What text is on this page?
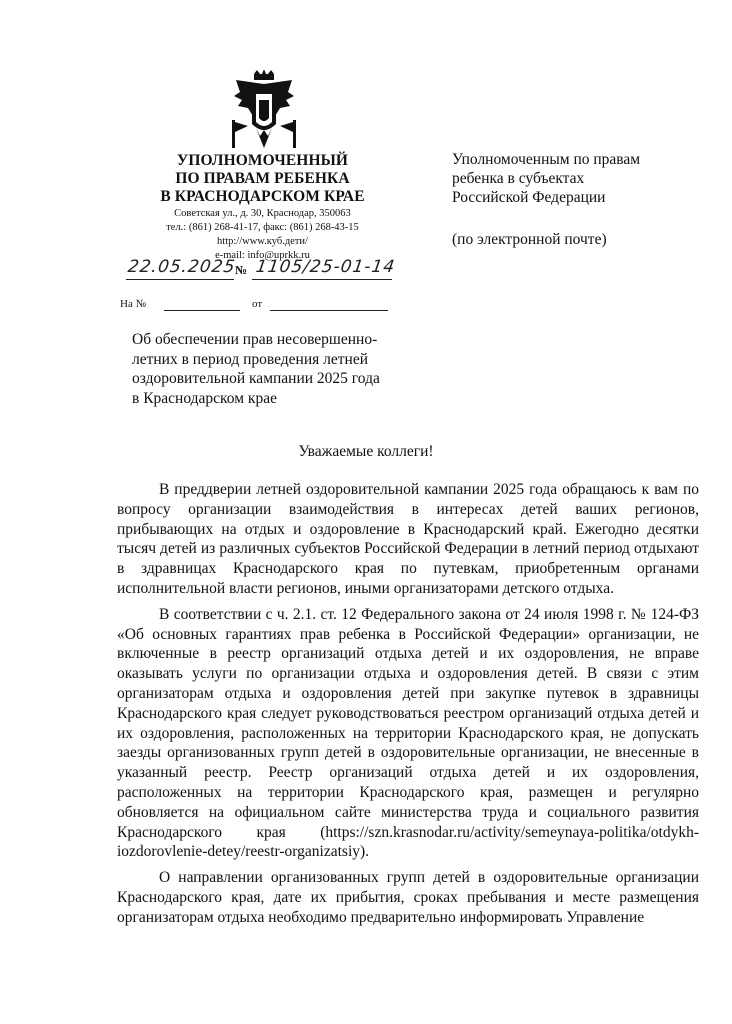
УПОЛНОМОЧЕННЫЙ
ПО ПРАВАМ РЕБЕНКА
В КРАСНОДАРСКОМ КРАЕ
Советская ул., д. 30, Краснодар, 350063
тел.: (861) 268-41-17, факс: (861) 268-43-15
http://www.куб.дети/
e-mail: info@uprkk.ru
22.05.2025
№ 1105/25-01-14
На №	от
Уполномоченным по правам
ребенка в субъектах
Российской Федерации
(по электронной почте)
Об обеспечении прав несовершенно-
летних в период проведения летней
оздоровительной кампании 2025 года
в Краснодарском крае
Уважаемые коллеги!

В преддверии летней оздоровительной кампании 2025 года обращаюсь к вам по вопросу организации взаимодействия в интересах детей ваших регионов, прибывающих на отдых и оздоровление в Краснодарский край. Ежегодно десятки тысяч детей из различных субъектов Российской Федерации в летний период отдыхают в здравницах Краснодарского края по путевкам, приобретенным органами исполнительной власти регионов, иными организаторами детского отдыха.

В соответствии с ч. 2.1. ст. 12 Федерального закона от 24 июля 1998 г. № 124-ФЗ «Об основных гарантиях прав ребенка в Российской Федерации» организации, не включенные в реестр организаций отдыха детей и их оздоровления, не вправе оказывать услуги по организации отдыха и оздоровления детей. В связи с этим организаторам отдыха и оздоровления детей при закупке путевок в здравницы Краснодарского края следует руководствоваться реестром организаций отдыха детей и их оздоровления, расположенных на территории Краснодарского края, не допускать заезды организованных групп детей в оздоровительные организации, не внесенные в указанный реестр. Реестр организаций отдыха детей и их оздоровления, расположенных на территории Краснодарского края, размещен и регулярно обновляется на официальном сайте министерства труда и социального развития Краснодарского края (https://szn.krasnodar.ru/activity/semeynaya-politika/otdykh-iozdorovlenie-detey/reestr-organizatsiy).

О направлении организованных групп детей в оздоровительные организации Краснодарского края, дате их прибытия, сроках пребывания и месте размещения организаторам отдыха необходимо предварительно информировать Управление
